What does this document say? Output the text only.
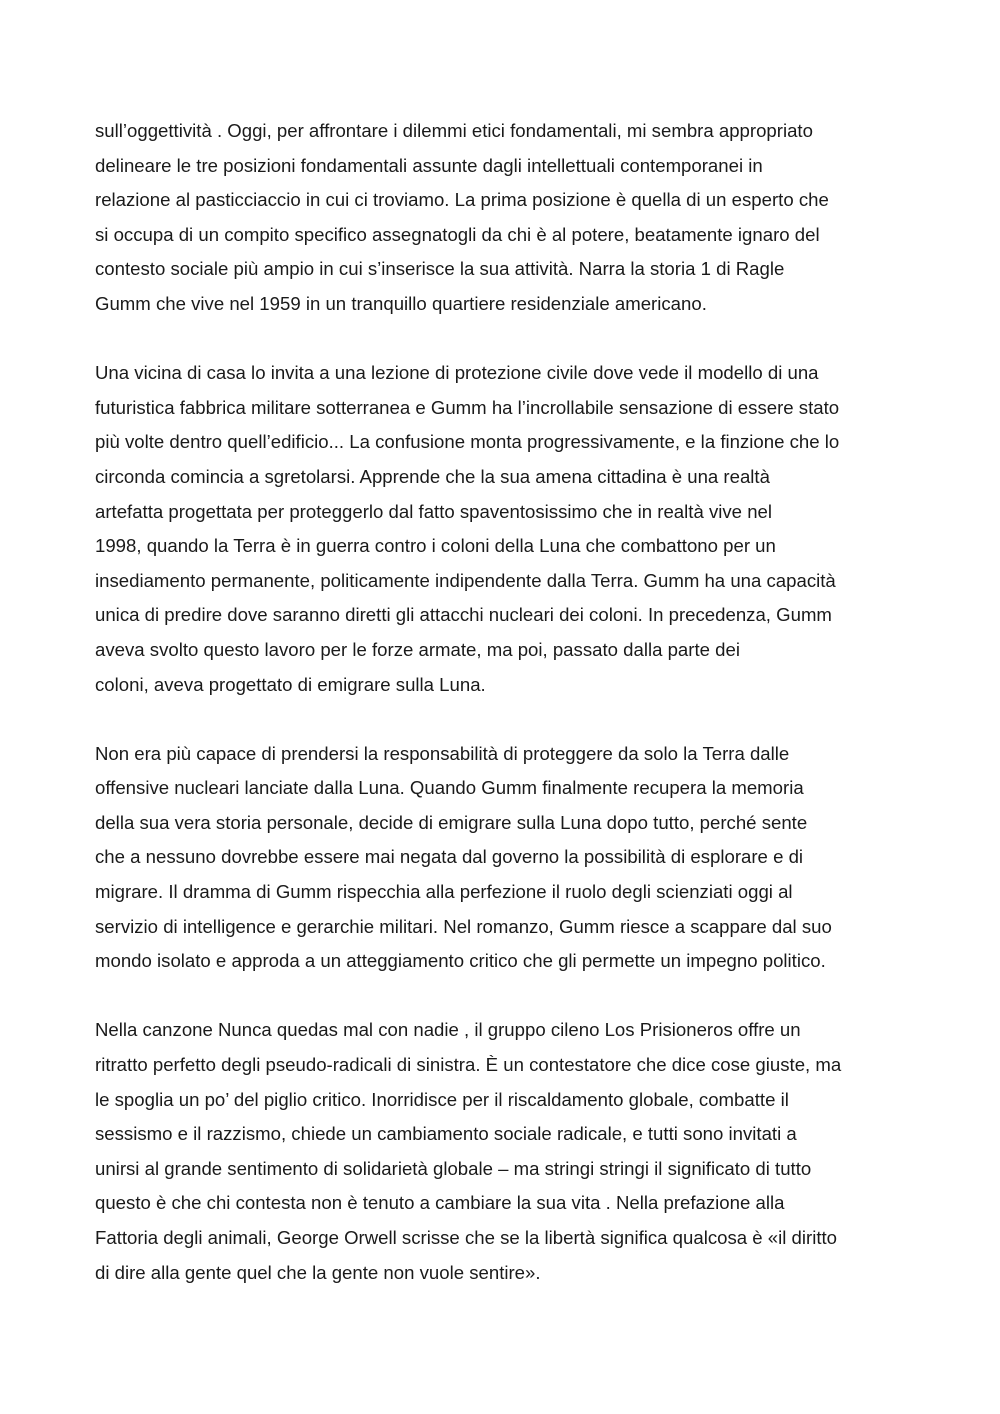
sull’oggettività . Oggi, per affrontare i dilemmi etici fondamentali, mi sembra appropriato
delineare le tre posizioni fondamentali assunte dagli intellettuali contemporanei in
relazione al pasticciaccio in cui ci troviamo. La prima posizione è quella di un esperto che
si occupa di un compito specifico assegnatogli da chi è al potere, beatamente ignaro del
contesto sociale più ampio in cui s’inserisce la sua attività. Narra la storia 1 di Ragle
Gumm che vive nel 1959 in un tranquillo quartiere residenziale americano.
Una vicina di casa lo invita a una lezione di protezione civile dove vede il modello di una
futuristica fabbrica militare sotterranea e Gumm ha l’incrollabile sensazione di essere stato
più volte dentro quell’edificio... La confusione monta progressivamente, e la finzione che lo
circonda comincia a sgretolarsi. Apprende che la sua amena cittadina è una realtà
artefatta progettata per proteggerlo dal fatto spaventosissimo che in realtà vive nel
1998, quando la Terra è in guerra contro i coloni della Luna che combattono per un
insediamento permanente, politicamente indipendente dalla Terra. Gumm ha una capacità
unica di predire dove saranno diretti gli attacchi nucleari dei coloni. In precedenza, Gumm
aveva svolto questo lavoro per le forze armate, ma poi, passato dalla parte dei
coloni, aveva progettato di emigrare sulla Luna.
Non era più capace di prendersi la responsabilità di proteggere da solo la Terra dalle
offensive nucleari lanciate dalla Luna. Quando Gumm finalmente recupera la memoria
della sua vera storia personale, decide di emigrare sulla Luna dopo tutto, perché sente
che a nessuno dovrebbe essere mai negata dal governo la possibilità di esplorare e di
migrare. Il dramma di Gumm rispecchia alla perfezione il ruolo degli scienziati oggi al
servizio di intelligence e gerarchie militari. Nel romanzo, Gumm riesce a scappare dal suo
mondo isolato e approda a un atteggiamento critico che gli permette un impegno politico.
Nella canzone Nunca quedas mal con nadie , il gruppo cileno Los Prisioneros offre un
ritratto perfetto degli pseudo-radicali di sinistra. È un contestatore che dice cose giuste, ma
le spoglia un po’ del piglio critico. Inorridisce per il riscaldamento globale, combatte il
sessismo e il razzismo, chiede un cambiamento sociale radicale, e tutti sono invitati a
unirsi al grande sentimento di solidarietà globale – ma stringi stringi il significato di tutto
questo è che chi contesta non è tenuto a cambiare la sua vita . Nella prefazione alla
Fattoria degli animali, George Orwell scrisse che se la libertà significa qualcosa è «il diritto
di dire alla gente quel che la gente non vuole sentire».
